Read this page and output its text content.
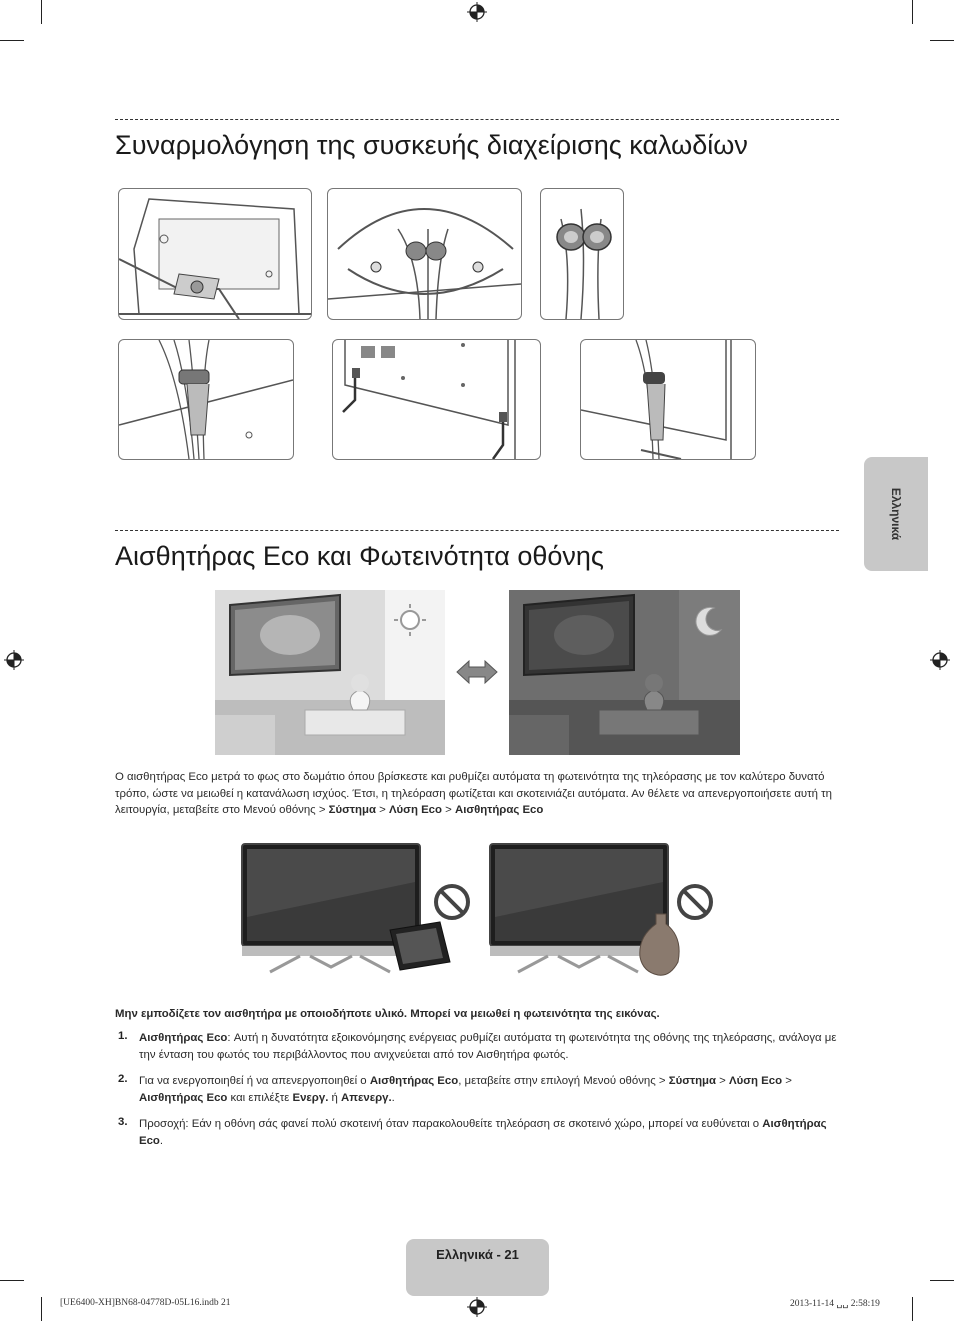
Συναρμολόγηση της συσκευής διαχείρισης καλωδίων
Αισθητήρας Eco και Φωτεινότητα οθόνης

Ο αισθητήρας Eco μετρά το φως στο δωμάτιο όπου βρίσκεστε και ρυθμίζει αυτόματα τη φωτεινότητα της τηλεόρασης με τον καλύτερο δυνατό τρόπο, ώστε να μειωθεί η κατανάλωση ισχύος. Έτσι, η τηλεόραση φωτίζεται και σκοτεινιάζει αυτόματα. Αν θέλετε να απενεργοποιήσετε αυτή τη λειτουργία, μεταβείτε στο Μενού οθόνης > Σύστημα > Λύση Eco > Αισθητήρας Eco

Μην εμποδίζετε τον αισθητήρα με οποιοδήποτε υλικό. Μπορεί να μειωθεί η φωτεινότητα της εικόνας.

1. Αισθητήρας Eco: Αυτή η δυνατότητα εξοικονόμησης ενέργειας ρυθμίζει αυτόματα τη φωτεινότητα της οθόνης της τηλεόρασης, ανάλογα με την ένταση του φωτός του περιβάλλοντος που ανιχνεύεται από τον Αισθητήρα φωτός.
2. Για να ενεργοποιηθεί ή να απενεργοποιηθεί ο Αισθητήρας Eco, μεταβείτε στην επιλογή Μενού οθόνης > Σύστημα > Λύση Eco > Αισθητήρας Eco και επιλέξτε Ενεργ. ή Απενεργ..
3. Προσοχή: Εάν η οθόνη σάς φανεί πολύ σκοτεινή όταν παρακολουθείτε τηλεόραση σε σκοτεινό χώρο, μπορεί να ευθύνεται ο Αισθητήρας Eco.
Ελληνικά
Ελληνικά - 21
[UE6400-XH]BN68-04778D-05L16.indb 21	2013-11-14 ␣␣ 2:58:19
